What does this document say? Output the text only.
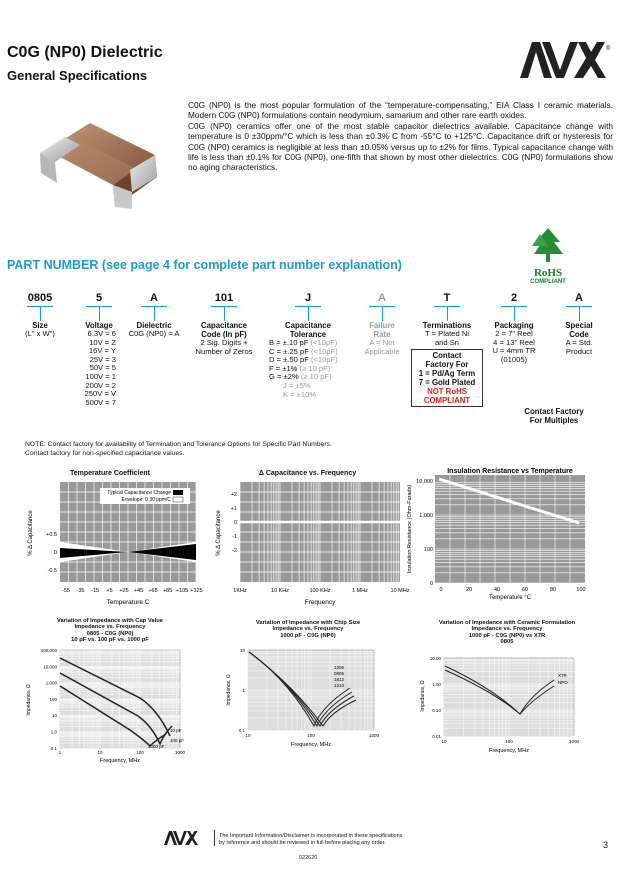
C0G (NP0) Dielectric
General Specifications
®

C0G (NP0) is the most popular formulation of the “temperature-compensating,” EIA Class I ceramic materials. Modern C0G (NP0) formulations contain neodymium, samarium and other rare earth oxides.

C0G (NP0) ceramics offer one of the most stable capacitor dielectrics available. Capacitance change with temperature is 0 ±30ppm/°C which is less than ±0.3% C from -55°C to +125°C. Capacitance drift or hysteresis for C0G (NP0) ceramics is negligible at less than ±0.05% versus up to ±2% for films. Typical capacitance change with life is less than ±0.1% for C0G (NP0), one-fifth that shown by most other dielectrics. C0G (NP0) formulations show no aging characteristics.

PART NUMBER (see page 4 for complete part number explanation)
RoHS
COMPLIANT
0805
Size
(L" x W")
5
Voltage
6.3V = 6
10V = Z
16V = Y
25V = 3
50V = 5
100V = 1
200V = 2
250V = V
500V = 7
A
Dielectric
C0G (NP0) = A
101
Capacitance
Code (In pF)
2 Sig. Digits +
Number of Zeros
J
Capacitance
Tolerance
B = ±.10 pF (<10pF)
C = ±.25 pF (<10pF)
D = ±.50 pF (<10pF)
F = ±1% (≥ 10 pF)
G = ±2% (≥ 10 pF)
J = ±5%
K = ±10%
A
Failure
Rate
A = Not
Applicable
T
Terminations
T = Plated Ni
and Sn
Contact
Factory For
1 = Pd/Ag Term
7 = Gold Plated
NOT RoHS
COMPLIANT
2
Packaging
2 = 7" Reel
4 = 13" Reel
U = 4mm TR
(01005)
Contact Factory
For Multiples
A
Special
Code
A = Std.
Product
NOTE: Contact factory for availability of Termination and Tolerance Options for Specific Part Numbers. Contact factory for non-specified capacitance values.
Temperature Coefficient
Typical Capacitance Change
Envelope: 0 30 ppm/C
-55 -35 -15 +5 +25 +45 +65 +85 +105 +125
+0.5
0
-0.5
Temperature C
% Δ Capacitance
Δ Capacitance vs. Frequency
1KHz	10 KHz	100 KHz	1 MHz	10 MHz
+2
+1
0
-1
-2
Frequency
% Δ Capacitance
Insulation Resistance vs Temperature
0	20	40	60	80	100
10,000
1,000
100
0
Temperature °C
Insulation Resistance (Ohm-Farads)
Variation of Impedance with Cap Value
Impedance vs. Frequency
0805 - C0G (NP0)
10 pF vs. 100 pF vs. 1000 pF
10 pF
100 pF
1000 pF
1	10	100	1000
100,000
10,000
1,000
100
10
1.0
0.1
Frequency, MHz
Impedance, Ω
Variation of Impedance with Chip Size
Impedance vs. Frequency
1000 pF - C0G (NP0)
1206
0805
1812
1210
10	100	1000
10
1
0.1
Frequency, MHz
Impedance, Ω
Variation of Impedance with Ceramic Formulation
Impedance vs. Frequency
1000 pF - C0G (NP0) vs X7R
0805
X7R
NPO
10	100	1000
10.00
1.00
0.10
0.01
Frequency, MHz
Impedance, Ω
The Important Information/Disclaimer is incorporated in these specifications
by reference and should be reviewed in full before placing any order.
022620
3
